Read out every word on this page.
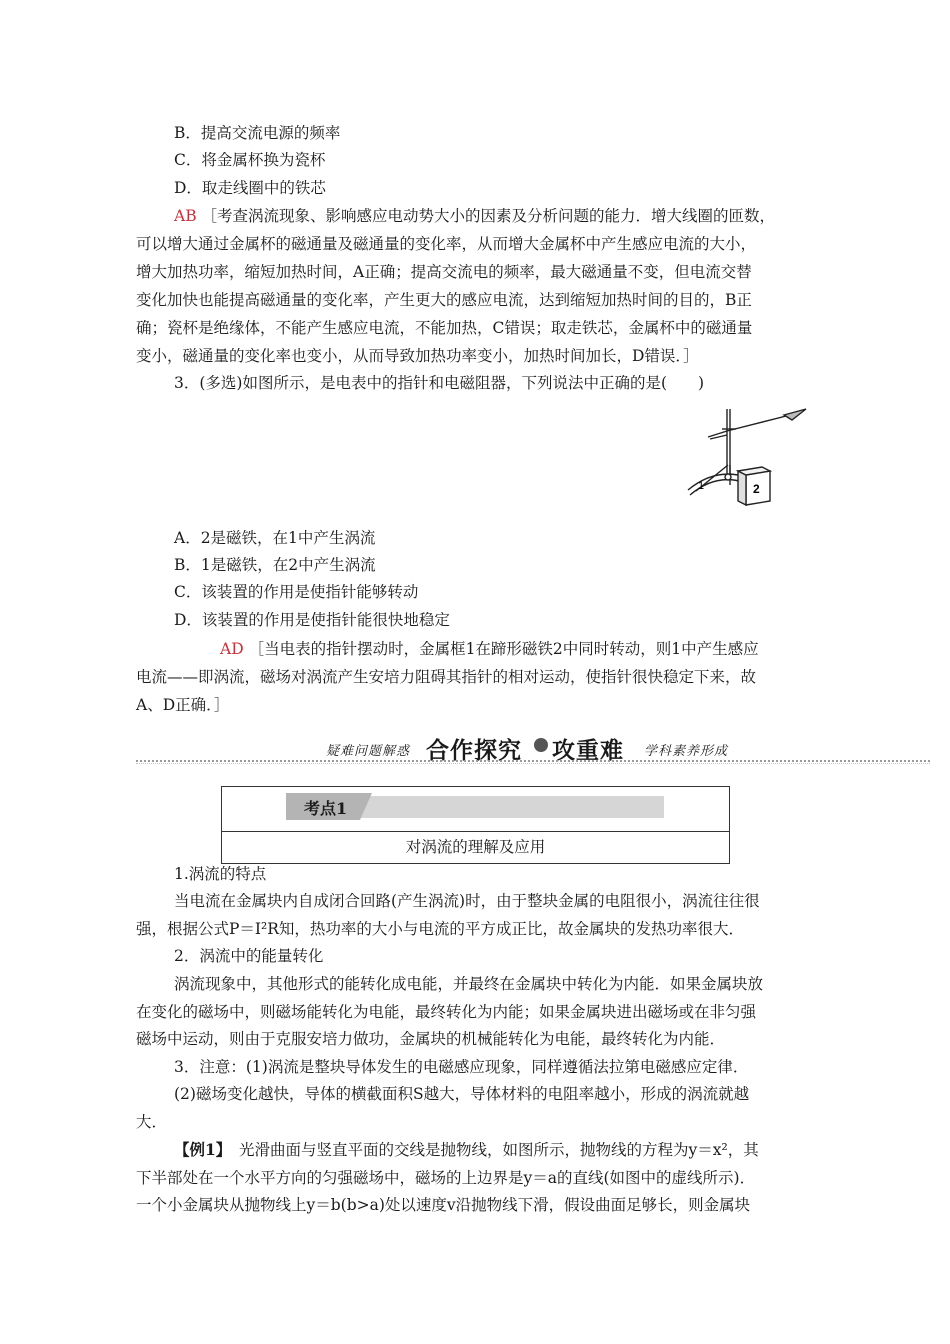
B．提高交流电源的频率
C．将金属杯换为瓷杯
D．取走线圈中的铁芯
AB ［考查涡流现象、影响感应电动势大小的因素及分析问题的能力．增大线圈的匝数，
可以增大通过金属杯的磁通量及磁通量的变化率，从而增大金属杯中产生感应电流的大小，
增大加热功率，缩短加热时间，A正确；提高交流电的频率，最大磁通量不变，但电流交替
变化加快也能提高磁通量的变化率，产生更大的感应电流，达到缩短加热时间的目的，B正
确；瓷杯是绝缘体，不能产生感应电流，不能加热，C错误；取走铁芯，金属杯中的磁通量
变小，磁通量的变化率也变小，从而导致加热功率变小，加热时间加长，D错误．］
3．(多选)如图所示，是电表中的指针和电磁阻器，下列说法中正确的是(　　)
1	2
A．2是磁铁，在1中产生涡流
B．1是磁铁，在2中产生涡流
C．该装置的作用是使指针能够转动
D．该装置的作用是使指针能很快地稳定
AD ［当电表的指针摆动时，金属框1在蹄形磁铁2中同时转动，则1中产生感应
电流——即涡流，磁场对涡流产生安培力阻碍其指针的相对运动，使指针很快稳定下来，故
A、D正确．］
疑难问题解惑 合作探究 攻重难 学科素养形成
考点1
对涡流的理解及应用
1.涡流的特点
当电流在金属块内自成闭合回路(产生涡流)时，由于整块金属的电阻很小，涡流往往很
强，根据公式P＝I²R知，热功率的大小与电流的平方成正比，故金属块的发热功率很大．
2．涡流中的能量转化
涡流现象中，其他形式的能转化成电能，并最终在金属块中转化为内能．如果金属块放
在变化的磁场中，则磁场能转化为电能，最终转化为内能；如果金属块进出磁场或在非匀强
磁场中运动，则由于克服安培力做功，金属块的机械能转化为电能，最终转化为内能．
3．注意：(1)涡流是整块导体发生的电磁感应现象，同样遵循法拉第电磁感应定律．
(2)磁场变化越快，导体的横截面积S越大，导体材料的电阻率越小，形成的涡流就越
大．
【例1】　光滑曲面与竖直平面的交线是抛物线，如图所示，抛物线的方程为y＝x²，其
下半部处在一个水平方向的匀强磁场中，磁场的上边界是y＝a的直线(如图中的虚线所示)．
一个小金属块从抛物线上y＝b(b>a)处以速度v沿抛物线下滑，假设曲面足够长，则金属块
